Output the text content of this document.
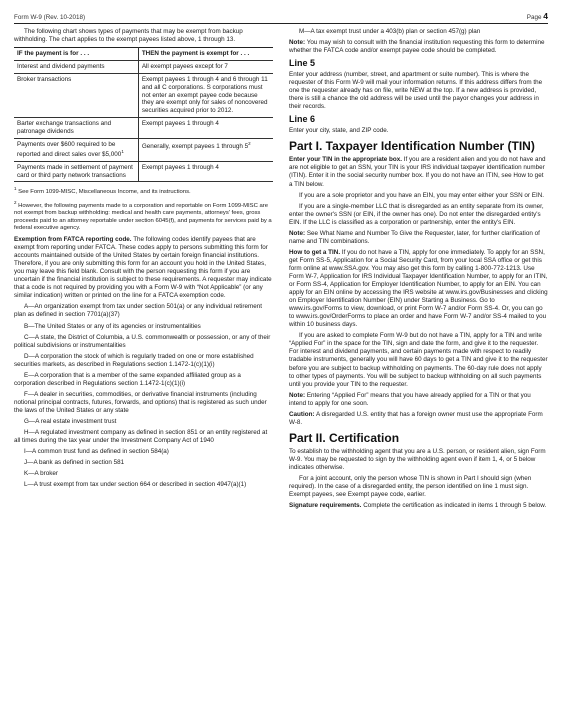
Form W-9 (Rev. 10-2018)	Page 4

The following chart shows types of payments that may be exempt from backup withholding. The chart applies to the exempt payees listed above, 1 through 13.

IF the payment is for . . .	THEN the payment is exempt for . . .
Interest and dividend payments	All exempt payees except for 7
Broker transactions	Exempt payees 1 through 4 and 6 through 11 and all C corporations. S corporations must not enter an exempt payee code because they are exempt only for sales of noncovered securities acquired prior to 2012.
Barter exchange transactions and patronage dividends	Exempt payees 1 through 4
Payments over $600 required to be reported and direct sales over $5,000$^1$	Generally, exempt payees 1 through $5^2$
Payments made in settlement of payment card or third party network transactions	Exempt payees 1 through 4

$^1$ See Form 1099-MISC, Miscellaneous Income, and its instructions.

$^2$ However, the following payments made to a corporation and reportable on Form 1099-MISC are not exempt from backup withholding: medical and health care payments, attorneys' fees, gross proceeds paid to an attorney reportable under section 6045(f), and payments for services paid by a federal executive agency.

Exemption from FATCA reporting code. The following codes identify payees that are exempt from reporting under FATCA. These codes apply to persons submitting this form for accounts maintained outside of the United States by certain foreign financial institutions. Therefore, if you are only submitting this form for an account you hold in the United States, you may leave this field blank. Consult with the person requesting this form if you are uncertain if the financial institution is subject to these requirements. A requester may indicate that a code is not required by providing you with a Form W-9 with “Not Applicable” (or any similar indication) written or printed on the line for a FATCA exemption code.

A—An organization exempt from tax under section 501(a) or any individual retirement plan as defined in section 7701(a)(37)

B—The United States or any of its agencies or instrumentalities

C—A state, the District of Columbia, a U.S. commonwealth or possession, or any of their political subdivisions or instrumentalities

D—A corporation the stock of which is regularly traded on one or more established securities markets, as described in Regulations section 1.1472-1(c)(1)(i)

E—A corporation that is a member of the same expanded affiliated group as a corporation described in Regulations section 1.1472-1(c)(1)(i)

F—A dealer in securities, commodities, or derivative financial instruments (including notional principal contracts, futures, forwards, and options) that is registered as such under the laws of the United States or any state

G—A real estate investment trust

H—A regulated investment company as defined in section 851 or an entity registered at all times during the tax year under the Investment Company Act of 1940

I—A common trust fund as defined in section 584(a)

J—A bank as defined in section 581

K—A broker

L—A trust exempt from tax under section 664 or described in section 4947(a)(1)

M—A tax exempt trust under a 403(b) plan or section 457(g) plan

Note: You may wish to consult with the financial institution requesting this form to determine whether the FATCA code and/or exempt payee code should be completed.

Line 5

Enter your address (number, street, and apartment or suite number). This is where the requester of this Form W-9 will mail your information returns. If this address differs from the one the requester already has on file, write NEW at the top. If a new address is provided, there is still a chance the old address will be used until the payor changes your address in their records.

Line 6

Enter your city, state, and ZIP code.

Part I. Taxpayer Identification Number (TIN)

Enter your TIN in the appropriate box. If you are a resident alien and you do not have and are not eligible to get an SSN, your TIN is your IRS individual taxpayer identification number (ITIN). Enter it in the social security number box. If you do not have an ITIN, see How to get a TIN below.

If you are a sole proprietor and you have an EIN, you may enter either your SSN or EIN.

If you are a single-member LLC that is disregarded as an entity separate from its owner, enter the owner's SSN (or EIN, if the owner has one). Do not enter the disregarded entity's EIN. If the LLC is classified as a corporation or partnership, enter the entity's EIN.

Note: See What Name and Number To Give the Requester, later, for further clarification of name and TIN combinations.

How to get a TIN. If you do not have a TIN, apply for one immediately. To apply for an SSN, get Form SS-5, Application for a Social Security Card, from your local SSA office or get this form online at www.SSA.gov. You may also get this form by calling 1-800-772-1213. Use Form W-7, Application for IRS Individual Taxpayer Identification Number, to apply for an ITIN, or Form SS-4, Application for Employer Identification Number, to apply for an EIN. You can apply for an EIN online by accessing the IRS website at www.irs.gov/Businesses and clicking on Employer Identification Number (EIN) under Starting a Business. Go to www.irs.gov/Forms to view, download, or print Form W-7 and/or Form SS-4. Or, you can go to www.irs.gov/OrderForms to place an order and have Form W-7 and/or SS-4 mailed to you within 10 business days.

If you are asked to complete Form W-9 but do not have a TIN, apply for a TIN and write “Applied For” in the space for the TIN, sign and date the form, and give it to the requester. For interest and dividend payments, and certain payments made with respect to readily tradable instruments, generally you will have 60 days to get a TIN and give it to the requester before you are subject to backup withholding on payments. The 60-day rule does not apply to other types of payments. You will be subject to backup withholding on all such payments until you provide your TIN to the requester.

Note: Entering “Applied For” means that you have already applied for a TIN or that you intend to apply for one soon.

Caution: A disregarded U.S. entity that has a foreign owner must use the appropriate Form W-8.

Part II. Certification

To establish to the withholding agent that you are a U.S. person, or resident alien, sign Form W-9. You may be requested to sign by the withholding agent even if item 1, 4, or 5 below indicates otherwise.

For a joint account, only the person whose TIN is shown in Part I should sign (when required). In the case of a disregarded entity, the person identified on line 1 must sign. Exempt payees, see Exempt payee code, earlier.

Signature requirements. Complete the certification as indicated in items 1 through 5 below.
